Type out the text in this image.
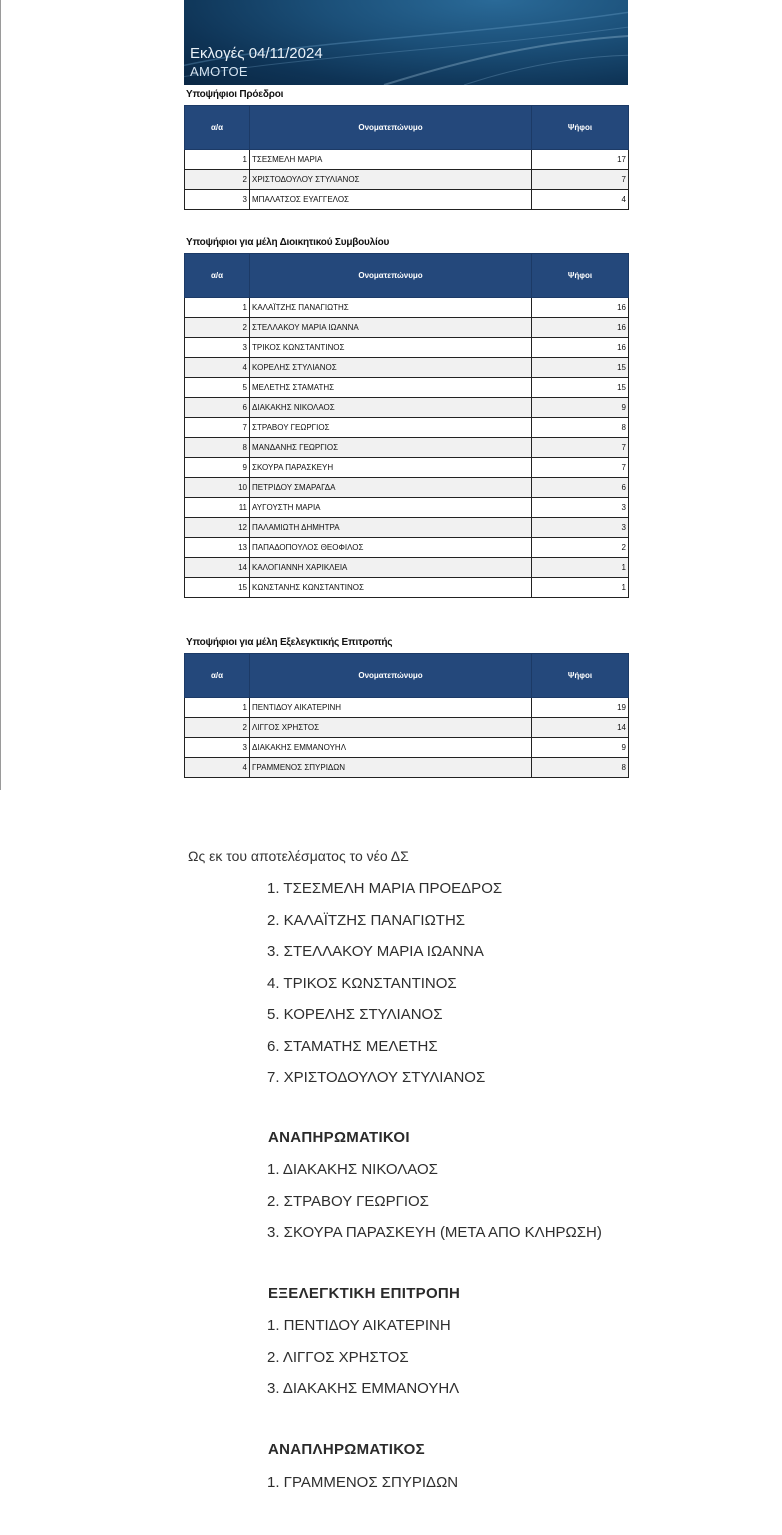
Εκλογές 04/11/2024
ΑΜΟΤΟΕ
Υποψήφιοι Πρόεδροι
α/α	Ονοματεπώνυμο	Ψήφοι
1	ΤΣΕΣΜΕΛΗ ΜΑΡΙΑ	17
2	ΧΡΙΣΤΟΔΟΥΛΟΥ ΣΤΥΛΙΑΝΟΣ	7
3	ΜΠΑΛΑΤΣΟΣ ΕΥΑΓΓΕΛΟΣ	4
Υποψήφιοι για μέλη Διοικητικού Συμβουλίου
α/α	Ονοματεπώνυμο	Ψήφοι
1	ΚΑΛΑΪΤΖΗΣ ΠΑΝΑΓΙΩΤΗΣ	16
2	ΣΤΕΛΛΑΚΟΥ ΜΑΡΙΑ ΙΩΑΝΝΑ	16
3	ΤΡΙΚΟΣ ΚΩΝΣΤΑΝΤΙΝΟΣ	16
4	ΚΟΡΕΛΗΣ ΣΤΥΛΙΑΝΟΣ	15
5	ΜΕΛΕΤΗΣ ΣΤΑΜΑΤΗΣ	15
6	ΔΙΑΚΑΚΗΣ ΝΙΚΟΛΑΟΣ	9
7	ΣΤΡΑΒΟΥ ΓΕΩΡΓΙΟΣ	8
8	ΜΑΝΔΑΝΗΣ ΓΕΩΡΓΙΟΣ	7
9	ΣΚΟΥΡΑ ΠΑΡΑΣΚΕΥΗ	7
10	ΠΕΤΡΙΔΟΥ ΣΜΑΡΑΓΔΑ	6
11	ΑΥΓΟΥΣΤΗ ΜΑΡΙΑ	3
12	ΠΑΛΑΜΙΩΤΗ ΔΗΜΗΤΡΑ	3
13	ΠΑΠΑΔΟΠΟΥΛΟΣ ΘΕΟΦΙΛΟΣ	2
14	ΚΑΛΟΓΙΑΝΝΗ ΧΑΡΙΚΛΕΙΑ	1
15	ΚΩΝΣΤΑΝΗΣ ΚΩΝΣΤΑΝΤΙΝΟΣ	1
Υποψήφιοι για μέλη Εξελεγκτικής Επιτροπής
α/α	Ονοματεπώνυμο	Ψήφοι
1	ΠΕΝΤΙΔΟΥ ΑΙΚΑΤΕΡΙΝΗ	19
2	ΛΙΓΓΟΣ ΧΡΗΣΤΟΣ	14
3	ΔΙΑΚΑΚΗΣ ΕΜΜΑΝΟΥΗΛ	9
4	ΓΡΑΜΜΕΝΟΣ ΣΠΥΡΙΔΩΝ	8
Ως εκ του αποτελέσματος το νέο ΔΣ
1. ΤΣΕΣΜΕΛΗ ΜΑΡΙΑ ΠΡΟΕΔΡΟΣ
2. ΚΑΛΑΪΤΖΗΣ ΠΑΝΑΓΙΩΤΗΣ
3. ΣΤΕΛΛΑΚΟΥ ΜΑΡΙΑ ΙΩΑΝΝΑ
4. ΤΡΙΚΟΣ ΚΩΝΣΤΑΝΤΙΝΟΣ
5. ΚΟΡΕΛΗΣ ΣΤΥΛΙΑΝΟΣ
6. ΣΤΑΜΑΤΗΣ ΜΕΛΕΤΗΣ
7. ΧΡΙΣΤΟΔΟΥΛΟΥ ΣΤΥΛΙΑΝΟΣ
ΑΝΑΠΗΡΩΜΑΤΙΚΟΙ
1. ΔΙΑΚΑΚΗΣ ΝΙΚΟΛΑΟΣ
2. ΣΤΡΑΒΟΥ ΓΕΩΡΓΙΟΣ
3. ΣΚΟΥΡΑ ΠΑΡΑΣΚΕΥΗ (ΜΕΤΑ ΑΠΟ ΚΛΗΡΩΣΗ)
ΕΞΕΛΕΓΚΤΙΚΗ ΕΠΙΤΡΟΠΗ
1. ΠΕΝΤΙΔΟΥ ΑΙΚΑΤΕΡΙΝΗ
2. ΛΙΓΓΟΣ ΧΡΗΣΤΟΣ
3. ΔΙΑΚΑΚΗΣ ΕΜΜΑΝΟΥΗΛ
ΑΝΑΠΛΗΡΩΜΑΤΙΚΟΣ
1. ΓΡΑΜΜΕΝΟΣ ΣΠΥΡΙΔΩΝ
